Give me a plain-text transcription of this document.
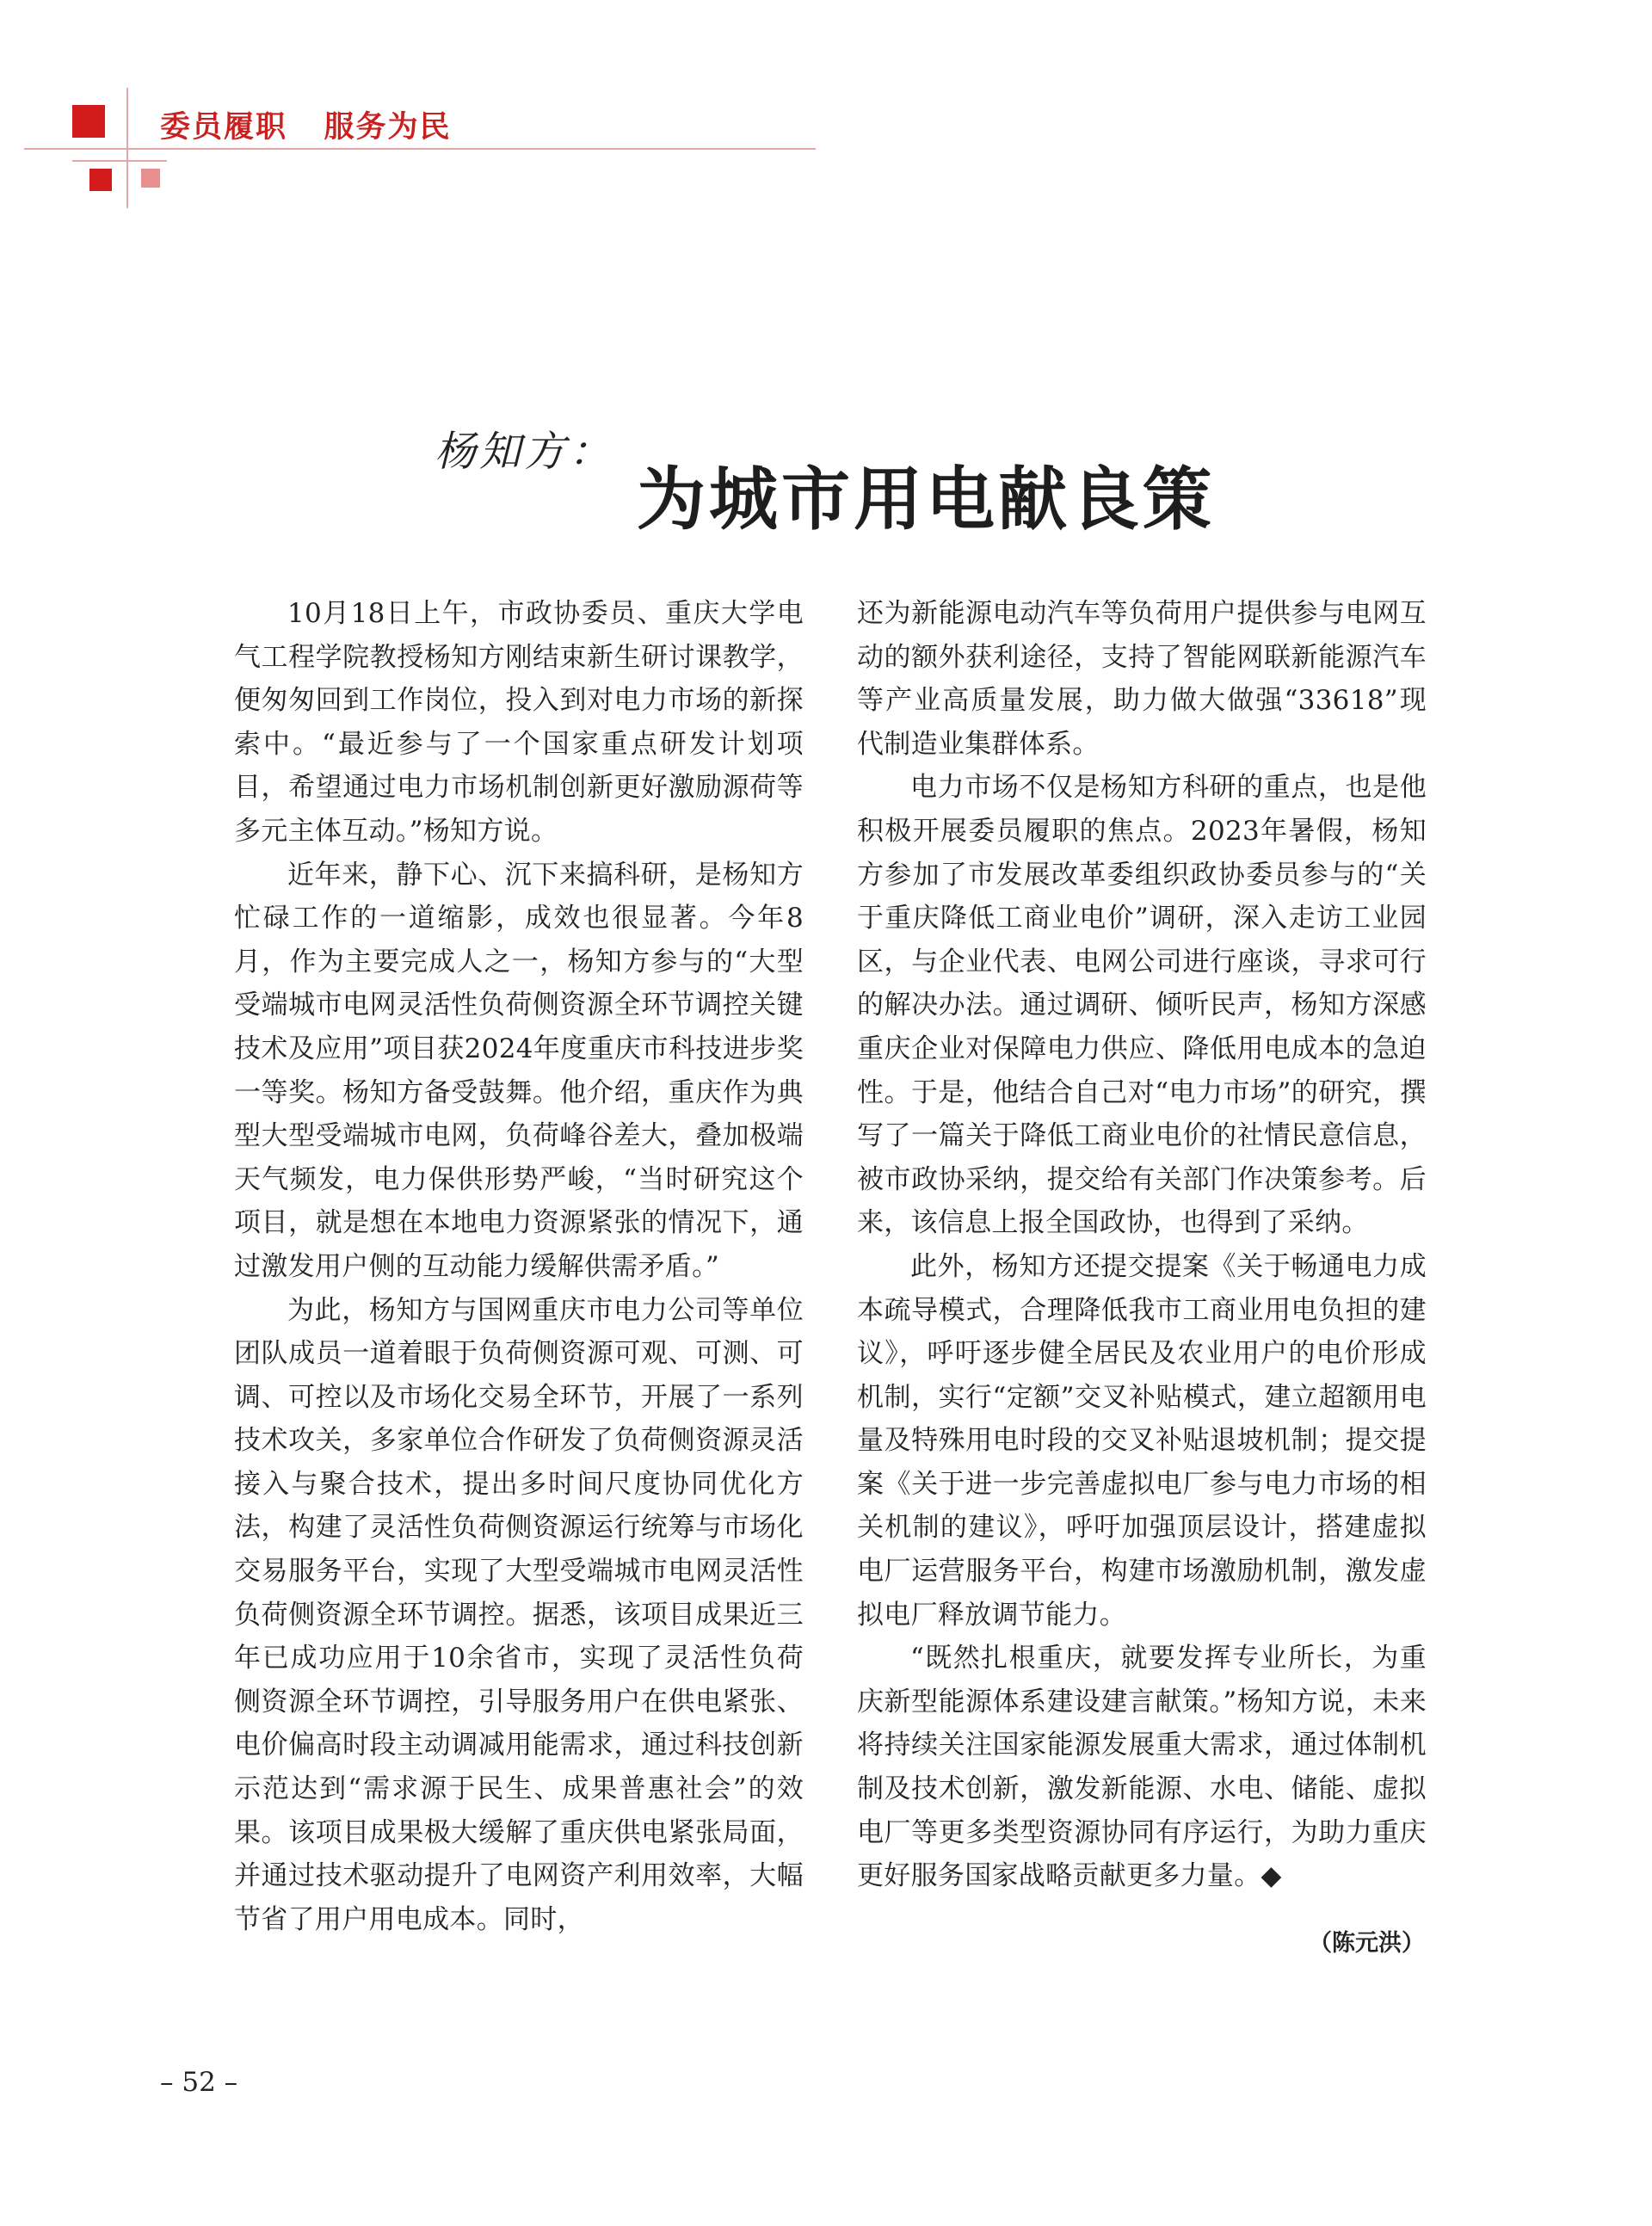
委员履职   服务为民
杨知方：
为城市用电献良策

10月18日上午，市政协委员、重庆大学电气工程学院教授杨知方刚结束新生研讨课教学，便匆匆回到工作岗位，投入到对电力市场的新探索中。“最近参与了一个国家重点研发计划项目，希望通过电力市场机制创新更好激励源荷等多元主体互动。”杨知方说。

近年来，静下心、沉下来搞科研，是杨知方忙碌工作的一道缩影，成效也很显著。今年8月，作为主要完成人之一，杨知方参与的“大型受端城市电网灵活性负荷侧资源全环节调控关键技术及应用”项目获2024年度重庆市科技进步奖一等奖。杨知方备受鼓舞。他介绍，重庆作为典型大型受端城市电网，负荷峰谷差大，叠加极端天气频发，电力保供形势严峻，“当时研究这个项目，就是想在本地电力资源紧张的情况下，通过激发用户侧的互动能力缓解供需矛盾。”

为此，杨知方与国网重庆市电力公司等单位团队成员一道着眼于负荷侧资源可观、可测、可调、可控以及市场化交易全环节，开展了一系列技术攻关，多家单位合作研发了负荷侧资源灵活接入与聚合技术，提出多时间尺度协同优化方法，构建了灵活性负荷侧资源运行统筹与市场化交易服务平台，实现了大型受端城市电网灵活性负荷侧资源全环节调控。据悉，该项目成果近三年已成功应用于10余省市，实现了灵活性负荷侧资源全环节调控，引导服务用户在供电紧张、电价偏高时段主动调减用能需求，通过科技创新示范达到“需求源于民生、成果普惠社会”的效果。该项目成果极大缓解了重庆供电紧张局面，并通过技术驱动提升了电网资产利用效率，大幅节省了用户用电成本。同时，

还为新能源电动汽车等负荷用户提供参与电网互动的额外获利途径，支持了智能网联新能源汽车等产业高质量发展，助力做大做强“33618”现代制造业集群体系。

电力市场不仅是杨知方科研的重点，也是他积极开展委员履职的焦点。2023年暑假，杨知方参加了市发展改革委组织政协委员参与的“关于重庆降低工商业电价”调研，深入走访工业园区，与企业代表、电网公司进行座谈，寻求可行的解决办法。通过调研、倾听民声，杨知方深感重庆企业对保障电力供应、降低用电成本的急迫性。于是，他结合自己对“电力市场”的研究，撰写了一篇关于降低工商业电价的社情民意信息，被市政协采纳，提交给有关部门作决策参考。后来，该信息上报全国政协，也得到了采纳。

此外，杨知方还提交提案《关于畅通电力成本疏导模式，合理降低我市工商业用电负担的建议》，呼吁逐步健全居民及农业用户的电价形成机制，实行“定额”交叉补贴模式，建立超额用电量及特殊用电时段的交叉补贴退坡机制；提交提案《关于进一步完善虚拟电厂参与电力市场的相关机制的建议》，呼吁加强顶层设计，搭建虚拟电厂运营服务平台，构建市场激励机制，激发虚拟电厂释放调节能力。

“既然扎根重庆，就要发挥专业所长，为重庆新型能源体系建设建言献策。”杨知方说，未来将持续关注国家能源发展重大需求，通过体制机制及技术创新，激发新能源、水电、储能、虚拟电厂等更多类型资源协同有序运行，为助力重庆更好服务国家战略贡献更多力量。◆

（陈元洪）
– 52 –
